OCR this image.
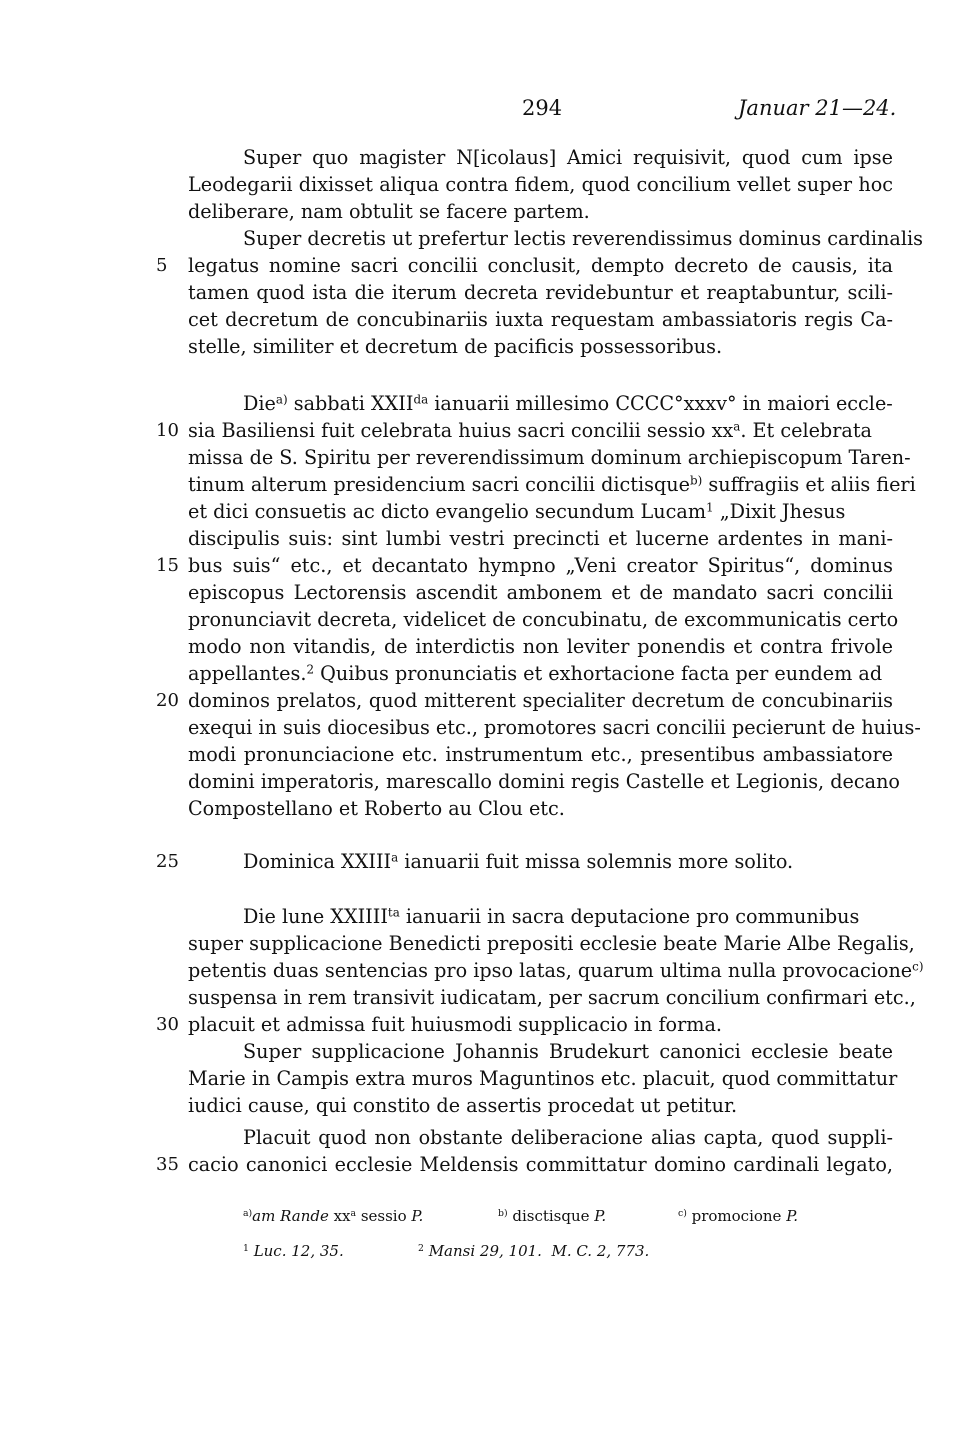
294	Januar 21—24.
Super quo magister N[icolaus] Amici requisivit, quod cum ipse
Leodegarii dixisset aliqua contra fidem, quod concilium vellet super hoc
deliberare, nam obtulit se facere partem.
Super decretis ut prefertur lectis reverendissimus dominus cardinalis
legatus nomine sacri concilii conclusit, dempto decreto de causis, ita
tamen quod ista die iterum decreta revidebuntur et reaptabuntur, scili-
cet decretum de concubinariis iuxta requestam ambassiatoris regis Ca-
stelle, similiter et decretum de pacificis possessoribus.
Die$^{a)}$ sabbati $XXII^{da}$ ianuarii millesimo CCCC°xxxv° in maiori eccle-
sia Basiliensi fuit celebrata huius sacri concilii sessio $xx^a$. Et celebrata
missa de S. Spiritu per reverendissimum dominum archiepiscopum Taren-
tinum alterum presidencium sacri concilii dictisque$^{b)}$ suffragiis et aliis fieri
et dici consuetis ac dicto evangelio secundum Lucam$^1$ „Dixit Jhesus
discipulis suis: sint lumbi vestri precincti et lucerne ardentes in mani-
bus suis“ etc., et decantato hympno „Veni creator Spiritus“, dominus
episcopus Lectorensis ascendit ambonem et de mandato sacri concilii
pronunciavit decreta, videlicet de concubinatu, de excommunicatis certo
modo non vitandis, de interdictis non leviter ponendis et contra frivole
appellantes.$^2$ Quibus pronunciatis et exhortacione facta per eundem ad
dominos prelatos, quod mitterent specialiter decretum de concubinariis
exequi in suis diocesibus etc., promotores sacri concilii pecierunt de huius-
modi pronunciacione etc. instrumentum etc., presentibus ambassiatore
domini imperatoris, marescallo domini regis Castelle et Legionis, decano
Compostellano et Roberto au Clou etc.
Dominica XXIII$^a$ ianuarii fuit missa solemnis more solito.
Die lune $XXIIII^{ta}$ ianuarii in sacra deputacione pro communibus
super supplicacione Benedicti prepositi ecclesie beate Marie Albe Regalis,
petentis duas sentencias pro ipso latas, quarum ultima nulla provocacione$^{c)}$
suspensa in rem transivit iudicatam, per sacrum concilium confirmari etc.,
placuit et admissa fuit huiusmodi supplicacio in forma.
Super supplicacione Johannis Brudekurt canonici ecclesie beate
Marie in Campis extra muros Maguntinos etc. placuit, quod committatur
iudici cause, qui constito de assertis procedat ut petitur.
Placuit quod non obstante deliberacione alias capta, quod suppli-
cacio canonici ecclesie Meldensis committatur domino cardinali legato,
5
10
15
20
25
30
35
$^{a)}$am Rande $xx^a$ sessio P.	$^{b)}$ disctisque P.	$^{c)}$ promocione P.
$^1$ Luc. 12, 35.	$^2$ Mansi 29, 101.  M. C. 2, 773.
